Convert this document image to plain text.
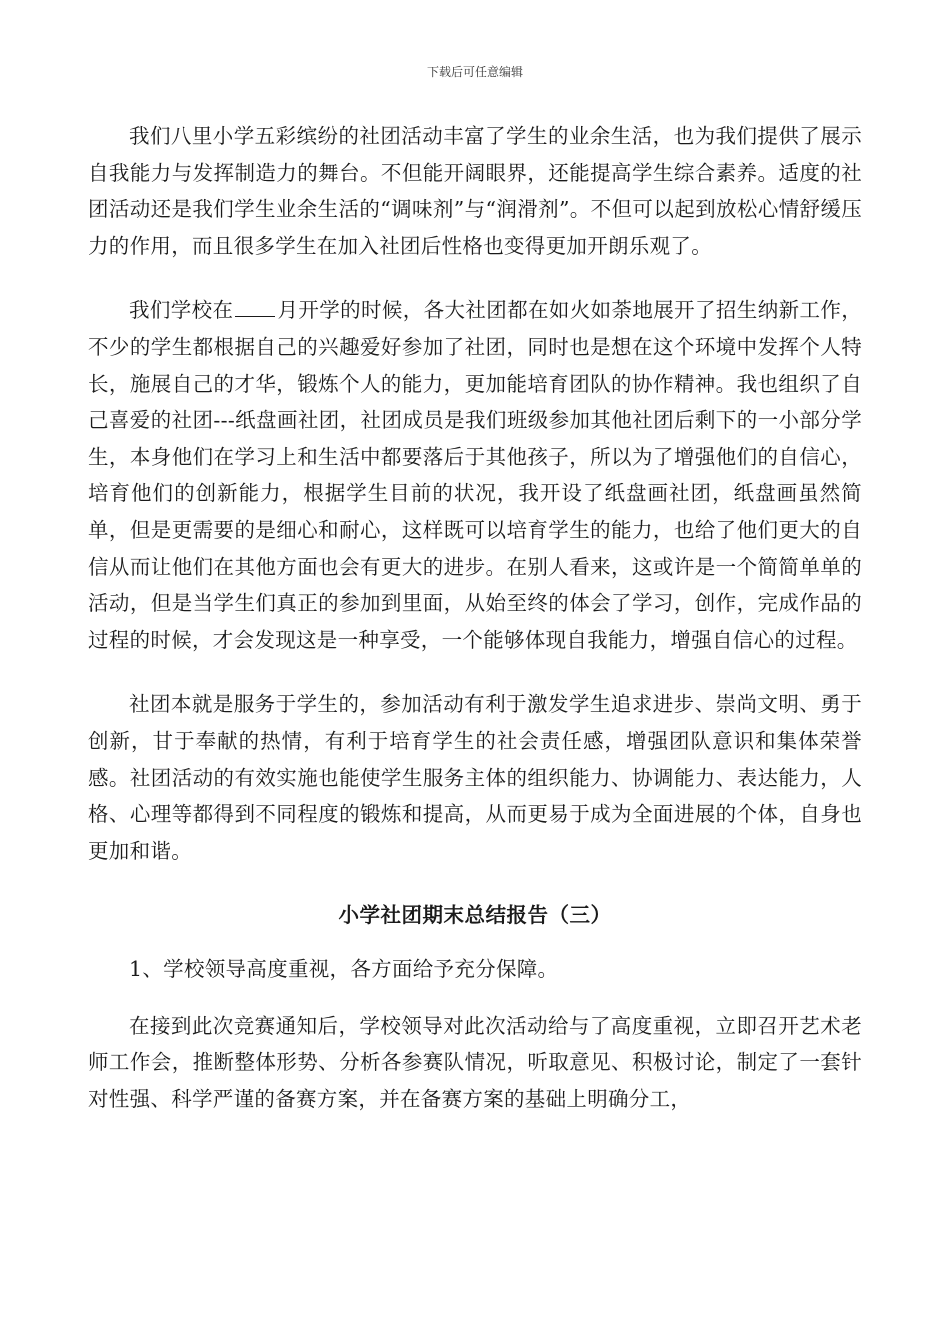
下载后可任意编辑

我们八里小学五彩缤纷的社团活动丰富了学生的业余生活，也为我们提供了展示自我能力与发挥制造力的舞台。不但能开阔眼界，还能提高学生综合素养。适度的社团活动还是我们学生业余生活的“调味剂”与“润滑剂”。不但可以起到放松心情舒缓压力的作用，而且很多学生在加入社团后性格也变得更加开朗乐观了。

我们学校在 月开学的时候，各大社团都在如火如荼地展开了招生纳新工作，不少的学生都根据自己的兴趣爱好参加了社团，同时也是想在这个环境中发挥个人特长，施展自己的才华，锻炼个人的能力，更加能培育团队的协作精神。我也组织了自己喜爱的社团---纸盘画社团，社团成员是我们班级参加其他社团后剩下的一小部分学生，本身他们在学习上和生活中都要落后于其他孩子，所以为了增强他们的自信心，培育他们的创新能力，根据学生目前的状况，我开设了纸盘画社团，纸盘画虽然简单，但是更需要的是细心和耐心，这样既可以培育学生的能力，也给了他们更大的自信从而让他们在其他方面也会有更大的进步。在别人看来，这或许是一个简简单单的活动，但是当学生们真正的参加到里面，从始至终的体会了学习，创作，完成作品的过程的时候，才会发现这是一种享受，一个能够体现自我能力，增强自信心的过程。

社团本就是服务于学生的，参加活动有利于激发学生追求进步、崇尚文明、勇于创新，甘于奉献的热情，有利于培育学生的社会责任感，增强团队意识和集体荣誉感。社团活动的有效实施也能使学生服务主体的组织能力、协调能力、表达能力，人格、心理等都得到不同程度的锻炼和提高，从而更易于成为全面进展的个体，自身也更加和谐。

小学社团期末总结报告（三）

1、学校领导高度重视，各方面给予充分保障。

在接到此次竞赛通知后，学校领导对此次活动给与了高度重视，立即召开艺术老师工作会，推断整体形势、分析各参赛队情况，听取意见、积极讨论，制定了一套针对性强、科学严谨的备赛方案，并在备赛方案的基础上明确分工，
